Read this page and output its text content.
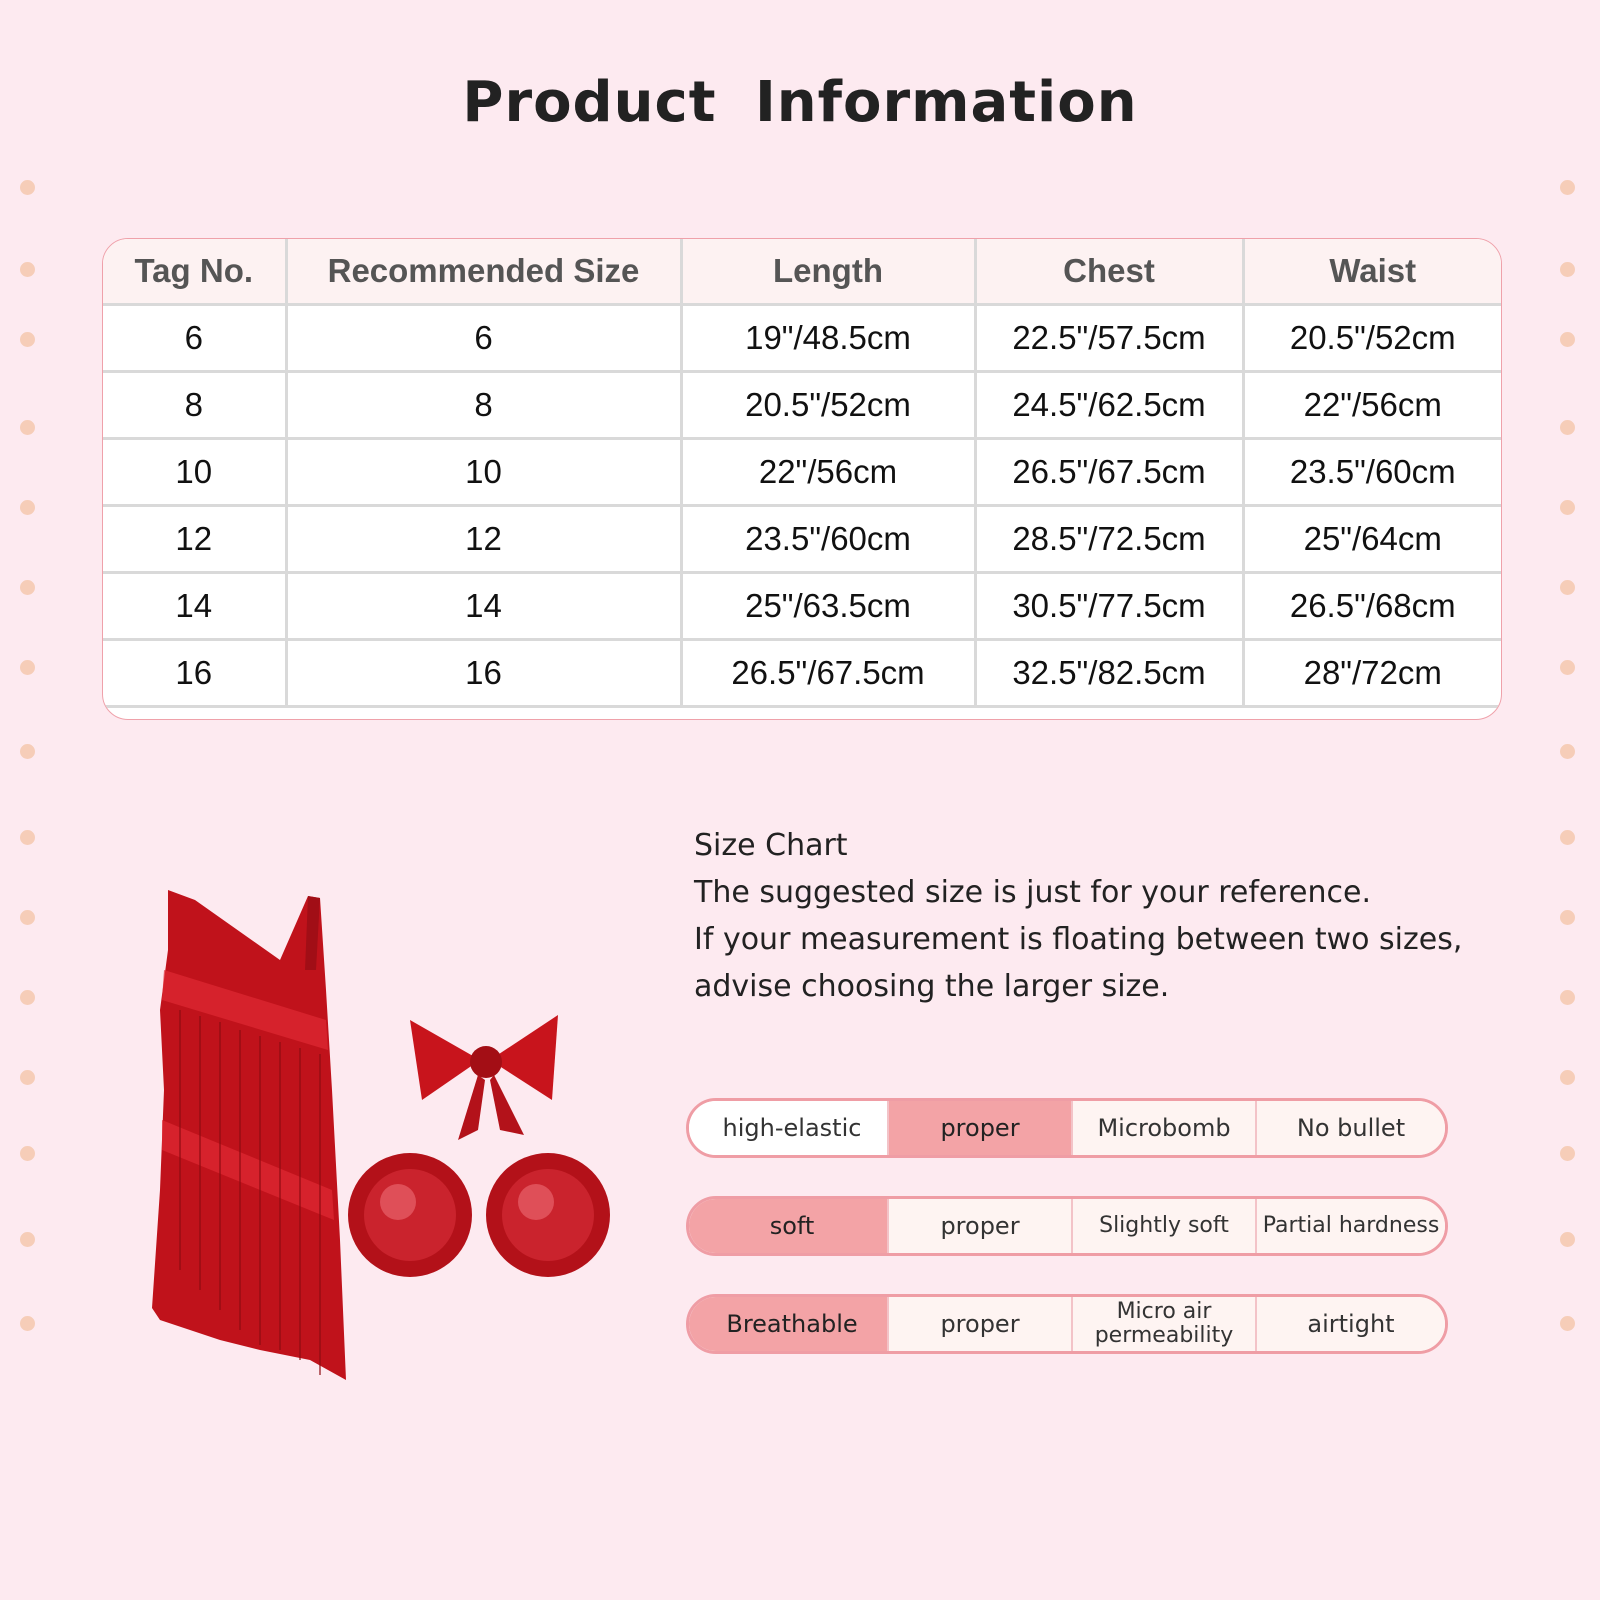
Product Information
Tag No.	Recommended Size	Length	Chest	Waist
6	6	19"/48.5cm	22.5"/57.5cm	20.5"/52cm
8	8	20.5"/52cm	24.5"/62.5cm	22"/56cm
10	10	22"/56cm	26.5"/67.5cm	23.5"/60cm
12	12	23.5"/60cm	28.5"/72.5cm	25"/64cm
14	14	25"/63.5cm	30.5"/77.5cm	26.5"/68cm
16	16	26.5"/67.5cm	32.5"/82.5cm	28"/72cm
Size Chart
The suggested size is just for your reference.
If your measurement is floating between two sizes,
advise choosing the larger size.
high-elastic	proper	Microbomb	No bullet
soft	proper	Slightly soft	Partial hardness
Breathable	proper	Micro air permeability	airtight
